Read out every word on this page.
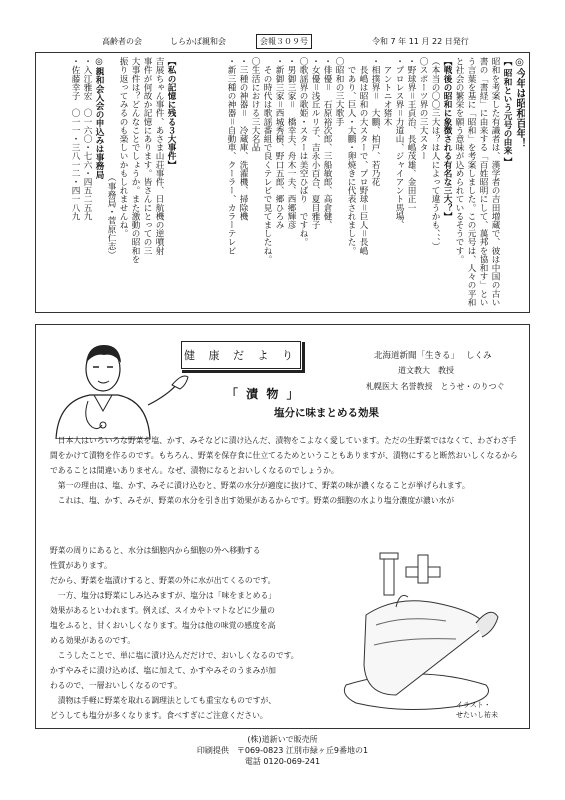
高齢者の会	しらかば親和会	会報３０９号	令和 7 年 11 月 22 日発行

◎今年は昭和百年！

【 昭和という元号の由来 】

昭和を考案した有識者は、漢学者の吉田増蔵で、彼は中国の古い書の「書経」に由来する「百姓昭明にして、萬邦を協和す」という言葉を基に「昭和」を考案しました。この元号は、人々の平和と社会の繁栄を願う意味が込められているそうです。

【戦後の昭和に象徴される有名な三大？】

（本当の〇〇三大は？は人によって違うかも、、、）

〇スポーツ界の三大スター

・野球界＝王貞治、長嶋茂雄、金田正一

・プロレス界＝力道山、ジャイアント馬場、

　アントニオ猪木

・相撲界＝　大鵬、柏戸、若乃花

　長嶋は昭和の大スターで、プロ野球＝巨人＝長嶋

　であり、巨人・大鵬・卵焼きに代表されました。

〇昭和の三大歌手

・俳優＝　石原裕次郎、三船敏郎、高倉健、

・女優＝浅丘ルリ子、吉永小百合、夏目雅子

〇歌謡界の歌姫・スターは美空ひばり　ですね。

・男御三家＝　橋幸夫、舟木一夫、西郷輝彦

・新御三家＝西城秀樹、野口五郎、郷ひろみ

　その時代は歌謡番組で良くテレビで見てましたね。

〇生活における三大名品

・三種の神器＝　冷蔵庫、洗濯機、掃除機

・新三種の神器＝自動車、クーラー、カラーテレビ

【私の記憶に残る３大事件】

吉展ちゃん事件、あさま山荘事件、日航機の逆噴射

事件が何故か記憶にあります。皆さんにとっての三

大事件は？どんなことでしょうか。また激動の昭和を

振り返ってみるのも楽しいかもしれませんね。

　　　　　　　　　　　　　　（事務局・菅原仁志）

◎親和会入会の申込みは事務局

・入江雅宏　〇一六〇・七六・四五二五九

・佐藤幸子　〇一一・三八一二・四一八九

健 康 だ よ り	北海道新聞「生きる」 しくみ
道文教大　教授
札幌医大 名誉教授　とうせ・のりつぐ
「 漬 物 」
塩分に味まとめる効果

　日本人はいろいろな野菜を塩、かす、みそなどに漬け込んだ、漬物をこよなく愛しています。ただの生野菜ではなくて、わざわざ手間をかけて漬物を作るのです。もちろん、野菜を保存食に仕立てるためということもありますが、漬物にすると断然おいしくなるからであることは間違いありません。なぜ、漬物になるとおいしくなるのでしょうか。

　第一の理由は、塩、かす、みそに漬け込むと、野菜の水分が適度に抜けて、野菜の味が濃くなることが挙げられます。

　これは、塩、かす、みそが、野菜の水分を引き出す効果があるからです。野菜の細胞の水より塩分濃度が濃い水が

野菜の周りにあると、水分は細胞内から細胞の外へ移動する
性質があります。
だから、野菜を塩漬けすると、野菜の外に水が出てくるのです。
　一方、塩分は野菜にしみ込みますが、塩分は「味をまとめる」
効果があるといわれます。例えば、スイカやトマトなどに少量の
塩をふると、甘くおいしくなります。塩分は他の味覚の感度を高
める効果があるのです。
　こうしたことで、単に塩に漬け込んだだけで、おいしくなるのです。
かすやみそに漬け込めば、塩に加えて、かすやみそのうまみが加
わるので、一層おいしくなるのです。
　漬物は手軽に野菜を取れる調理法としても重宝なものですが、
どうしても塩分が多くなります。食べすぎにご注意ください。
イラスト・
せたいし祐未
(株)道新いで販売所
印刷提供　〒069-0823 江別市緑ヶ丘9番地の1
電話 0120-069-241
